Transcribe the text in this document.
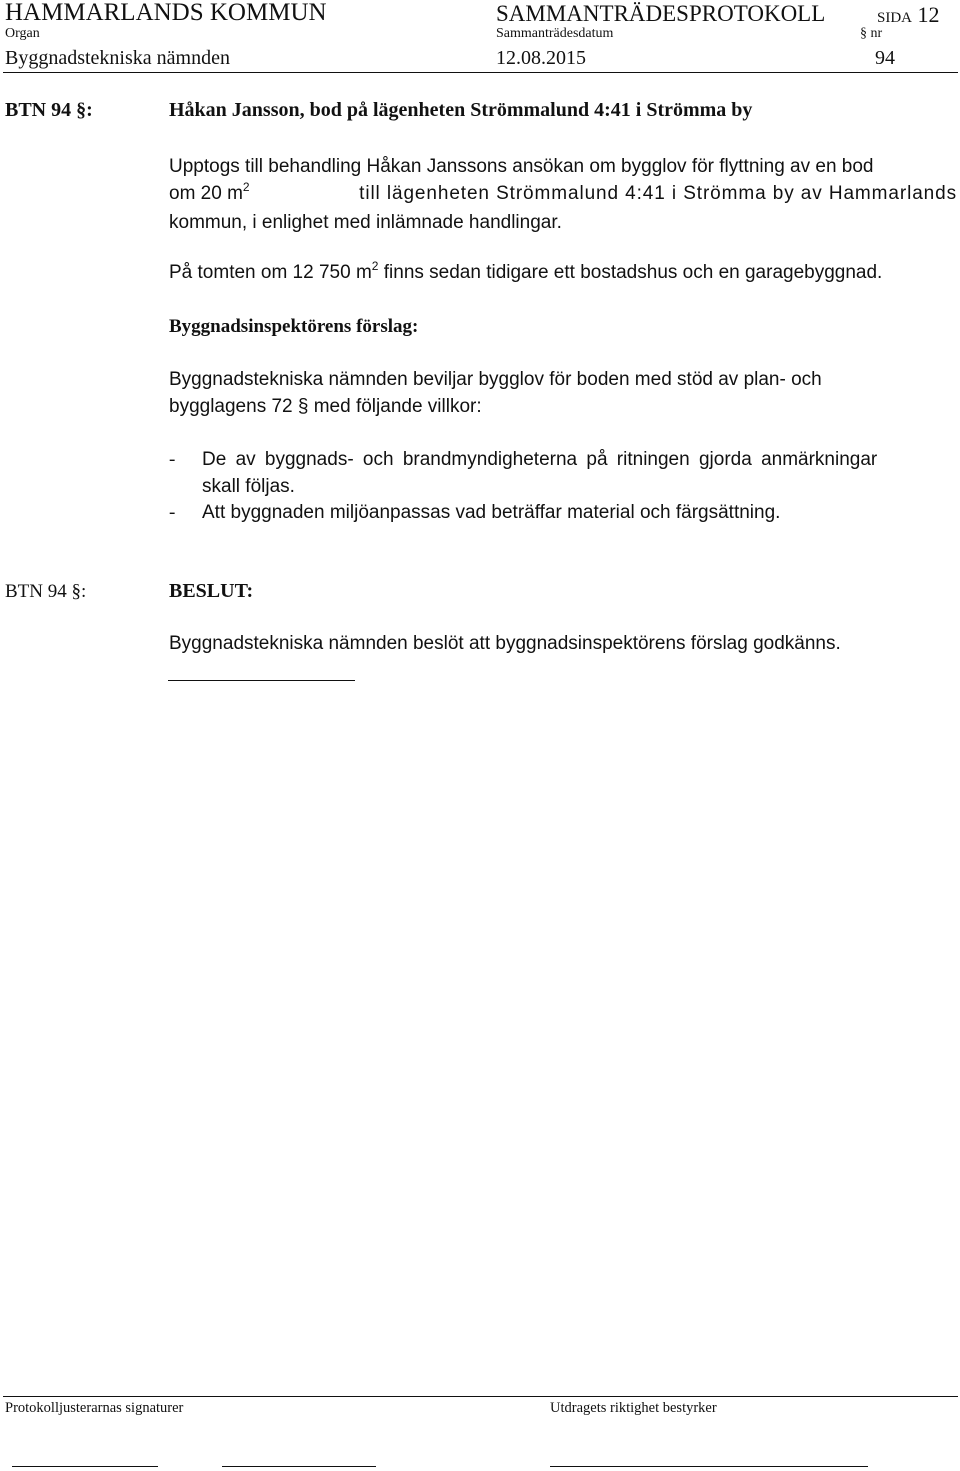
HAMMARLANDS KOMMUN	SAMMANTRÄDESPROTOKOLL	SIDA 12
Organ	Sammanträdesdatum	§ nr
Byggnadstekniska nämnden	12.08.2015	94
BTN 94 §:	Håkan Jansson, bod på lägenheten Strömmalund 4:41 i Strömma by
Upptogs till behandling Håkan Janssons ansökan om bygglov för flyttning av en bod
om 20 $m^2$	till lägenheten Strömmalund 4:41 i Strömma by av Hammarlands
kommun, i enlighet med inlämnade handlingar.
På tomten om 12 750 $m^2$ finns sedan tidigare ett bostadshus och en garagebyggnad.
Byggnadsinspektörens förslag:
Byggnadstekniska nämnden beviljar bygglov för boden med stöd av plan- och
bygglagens 72 § med följande villkor:
- De av byggnads- och brandmyndigheterna på ritningen gjorda anmärkningar
skall följas.
- Att byggnaden miljöanpassas vad beträffar material och färgsättning.
BTN 94 §:	BESLUT:
Byggnadstekniska nämnden beslöt att byggnadsinspektörens förslag godkänns.
Protokolljusterarnas signaturer	Utdragets riktighet bestyrker
